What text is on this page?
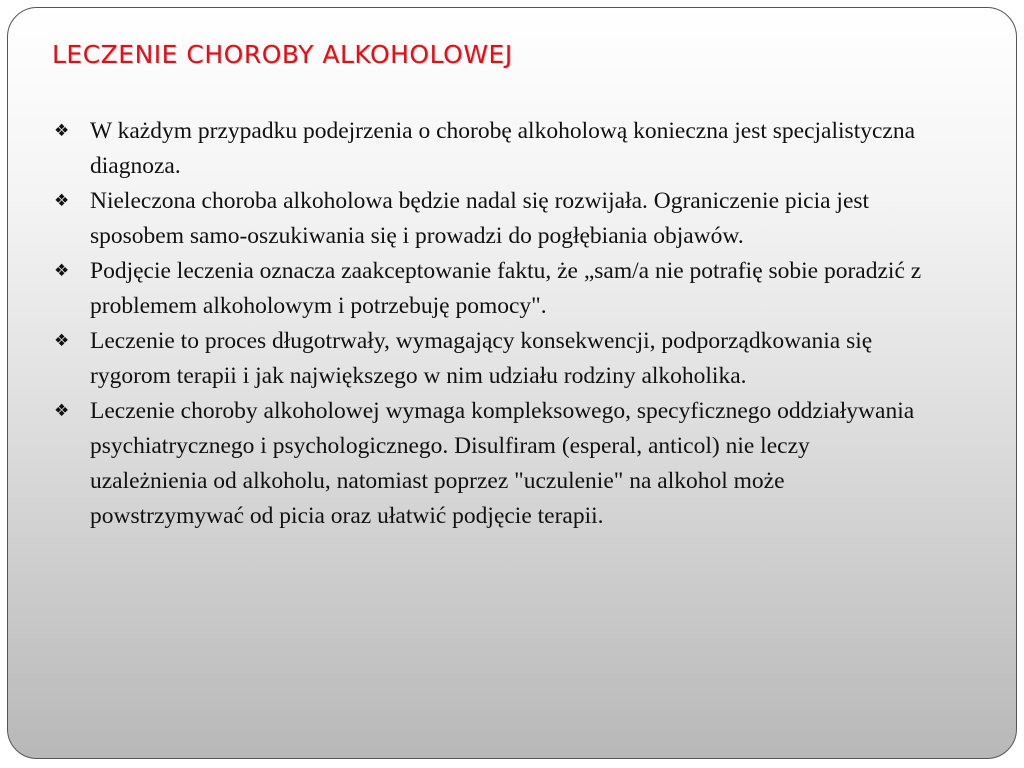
LECZENIE CHOROBY ALKOHOLOWEJ
❖ W każdym przypadku podejrzenia o chorobę alkoholową konieczna jest specjalistyczna diagnoza.
❖ Nieleczona choroba alkoholowa będzie nadal się rozwijała. Ograniczenie picia jest sposobem samo-oszukiwania się i prowadzi do pogłębiania objawów.
❖ Podjęcie leczenia oznacza zaakceptowanie faktu, że „sam/a nie potrafię sobie poradzić z problemem alkoholowym i potrzebuję pomocy".
❖ Leczenie to proces długotrwały, wymagający konsekwencji, podporządkowania się rygorom terapii i jak największego w nim udziału rodziny alkoholika.
❖ Leczenie choroby alkoholowej wymaga kompleksowego, specyficznego oddziaływania psychiatrycznego i psychologicznego. Disulfiram (esperal, anticol) nie leczy uzależnienia od alkoholu, natomiast poprzez "uczulenie" na alkohol może powstrzymywać od picia oraz ułatwić podjęcie terapii.
